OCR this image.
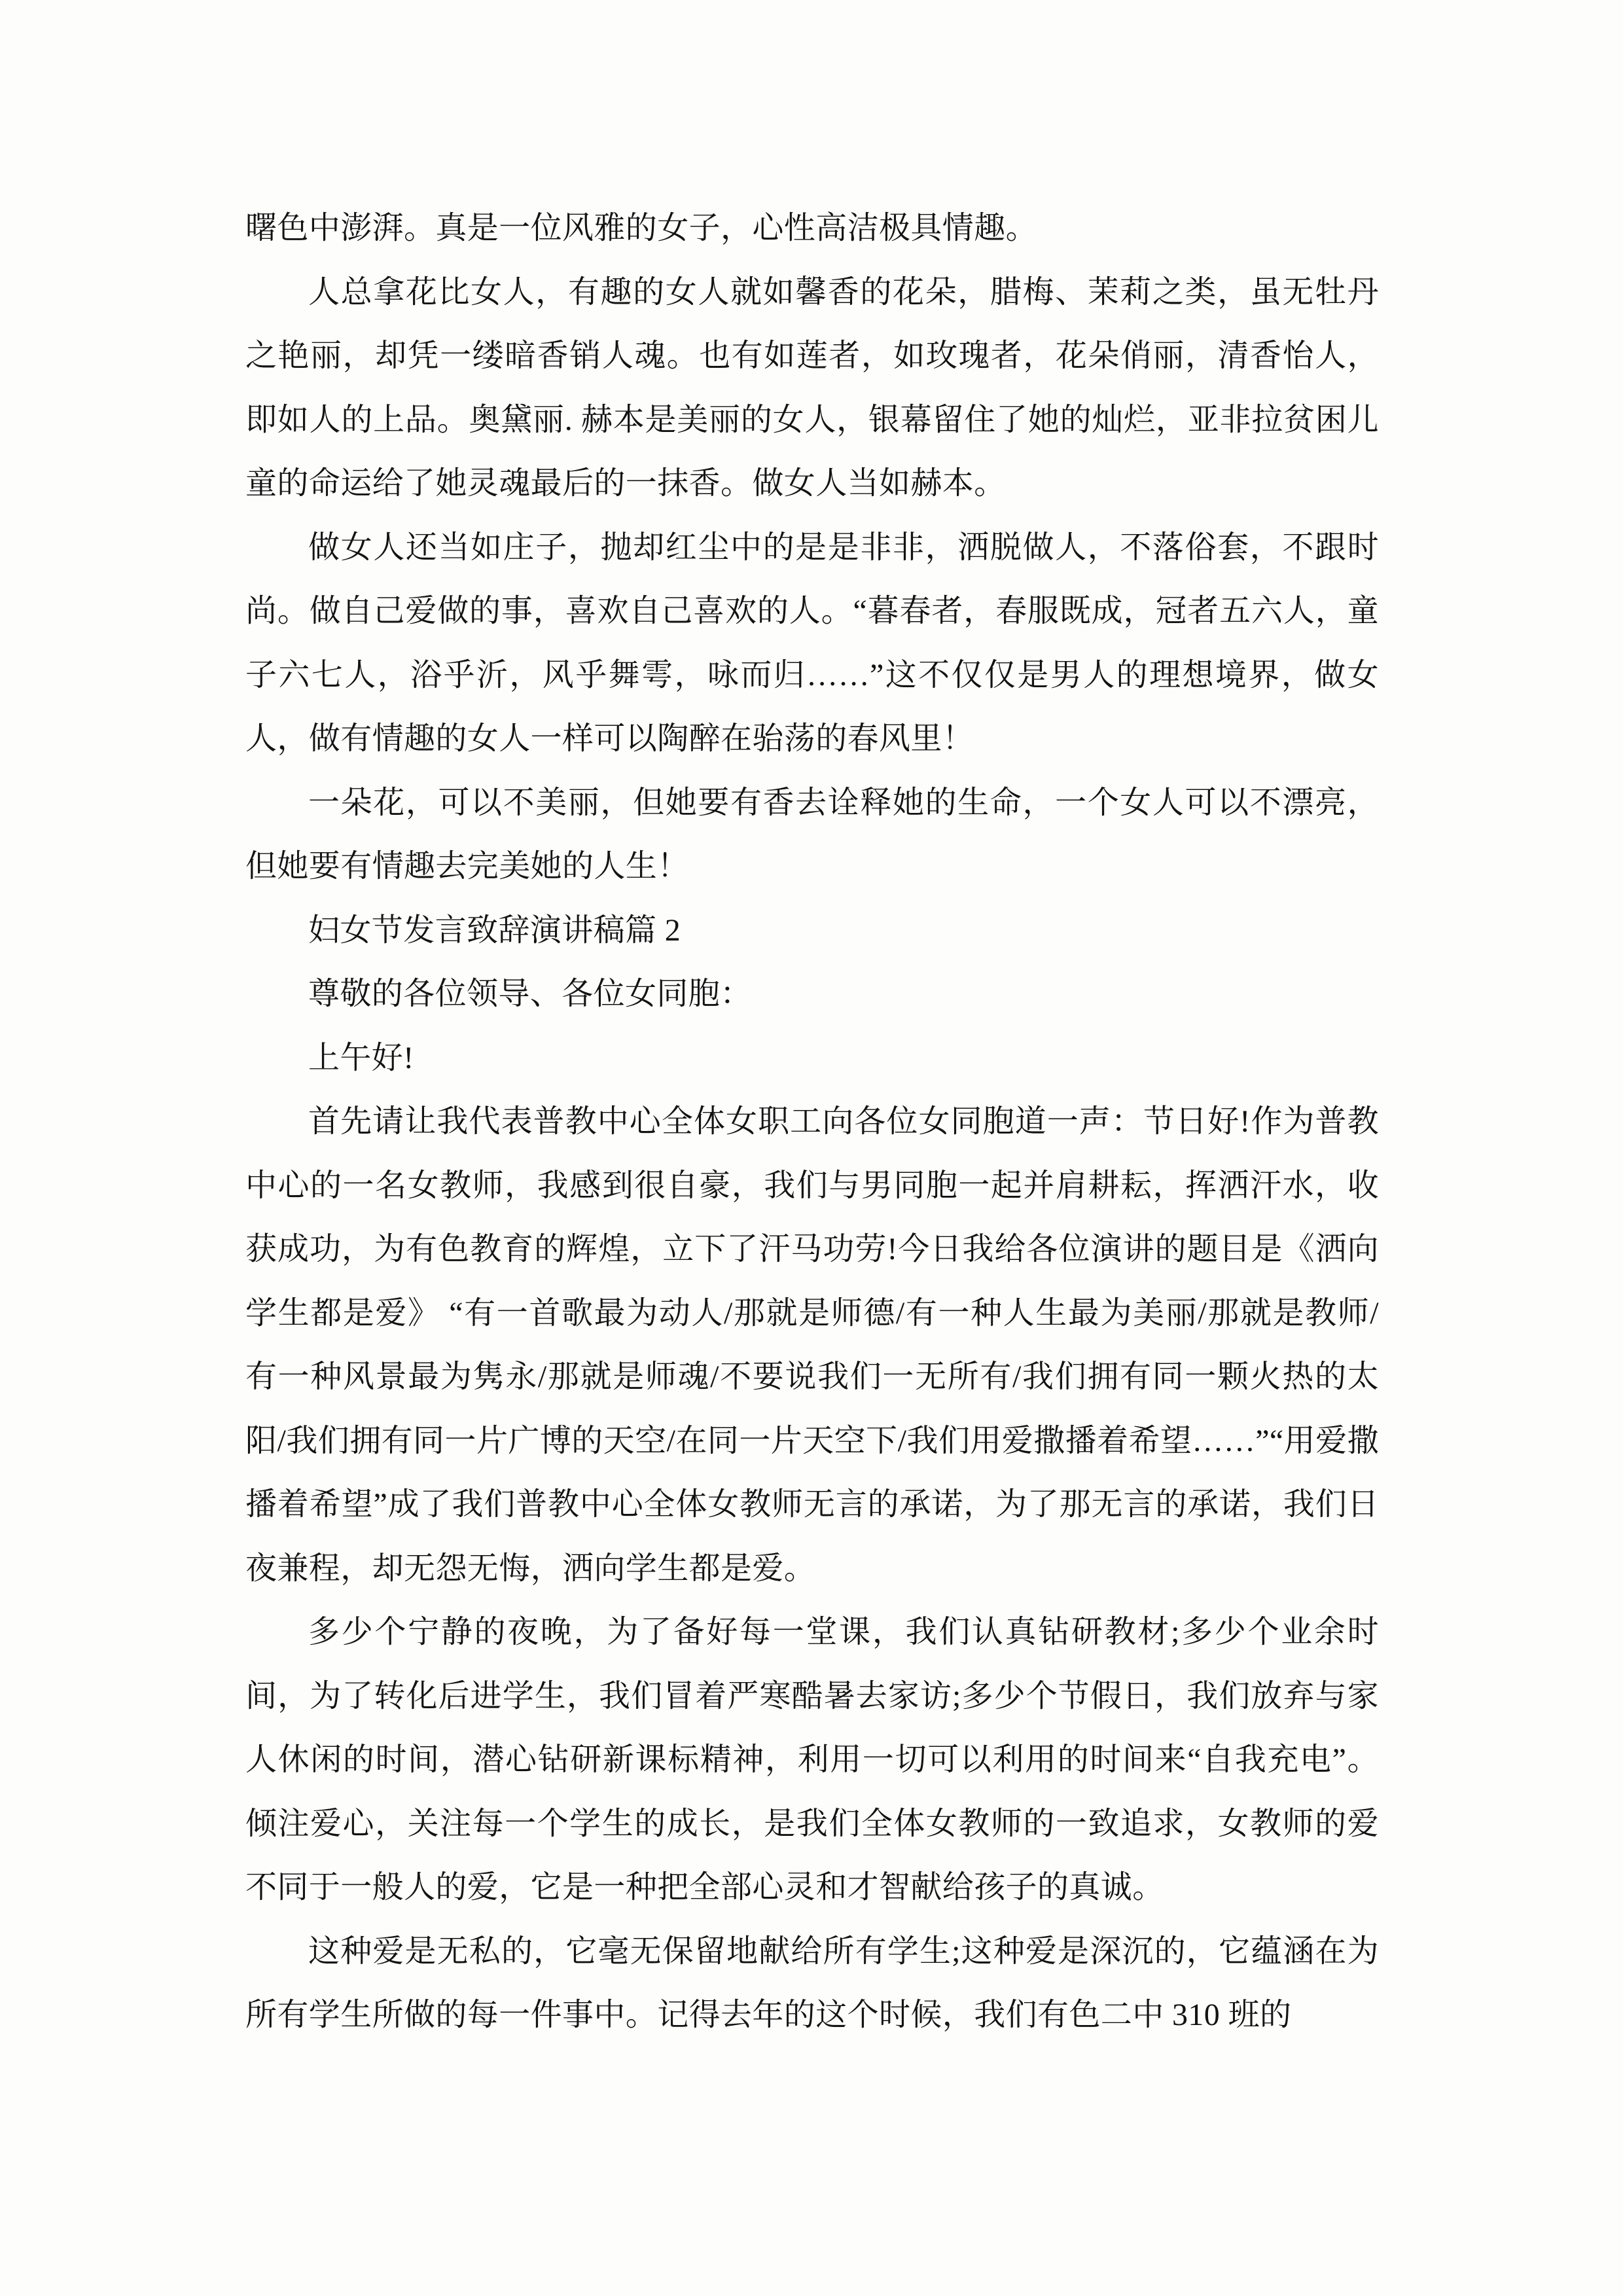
曙色中澎湃。真是一位风雅的女子，心性高洁极具情趣。

人总拿花比女人，有趣的女人就如馨香的花朵，腊梅、茉莉之类，虽无牡丹之艳丽，却凭一缕暗香销人魂。也有如莲者，如玫瑰者，花朵俏丽，清香怡人，即如人的上品。奥黛丽. 赫本是美丽的女人，银幕留住了她的灿烂，亚非拉贫困儿童的命运给了她灵魂最后的一抹香。做女人当如赫本。

做女人还当如庄子，抛却红尘中的是是非非，洒脱做人，不落俗套，不跟时尚。做自己爱做的事，喜欢自己喜欢的人。“暮春者，春服既成，冠者五六人，童子六七人，浴乎沂，风乎舞雩，咏而归……”这不仅仅是男人的理想境界，做女人，做有情趣的女人一样可以陶醉在骀荡的春风里！

一朵花，可以不美丽，但她要有香去诠释她的生命，一个女人可以不漂亮，但她要有情趣去完美她的人生！

妇女节发言致辞演讲稿篇 2

尊敬的各位领导、各位女同胞：

上午好!

首先请让我代表普教中心全体女职工向各位女同胞道一声：节日好!作为普教中心的一名女教师，我感到很自豪，我们与男同胞一起并肩耕耘，挥洒汗水，收获成功，为有色教育的辉煌，立下了汗马功劳!今日我给各位演讲的题目是《洒向学生都是爱》 “有一首歌最为动人/那就是师德/有一种人生最为美丽/那就是教师/有一种风景最为隽永/那就是师魂/不要说我们一无所有/我们拥有同一颗火热的太阳/我们拥有同一片广博的天空/在同一片天空下/我们用爱撒播着希望……”“用爱撒播着希望”成了我们普教中心全体女教师无言的承诺，为了那无言的承诺，我们日夜兼程，却无怨无悔，洒向学生都是爱。

多少个宁静的夜晚，为了备好每一堂课，我们认真钻研教材;多少个业余时间，为了转化后进学生，我们冒着严寒酷暑去家访;多少个节假日，我们放弃与家人休闲的时间，潜心钻研新课标精神，利用一切可以利用的时间来“自我充电”。倾注爱心，关注每一个学生的成长，是我们全体女教师的一致追求，女教师的爱不同于一般人的爱，它是一种把全部心灵和才智献给孩子的真诚。

这种爱是无私的，它毫无保留地献给所有学生;这种爱是深沉的，它蕴涵在为所有学生所做的每一件事中。记得去年的这个时候，我们有色二中 310 班的
